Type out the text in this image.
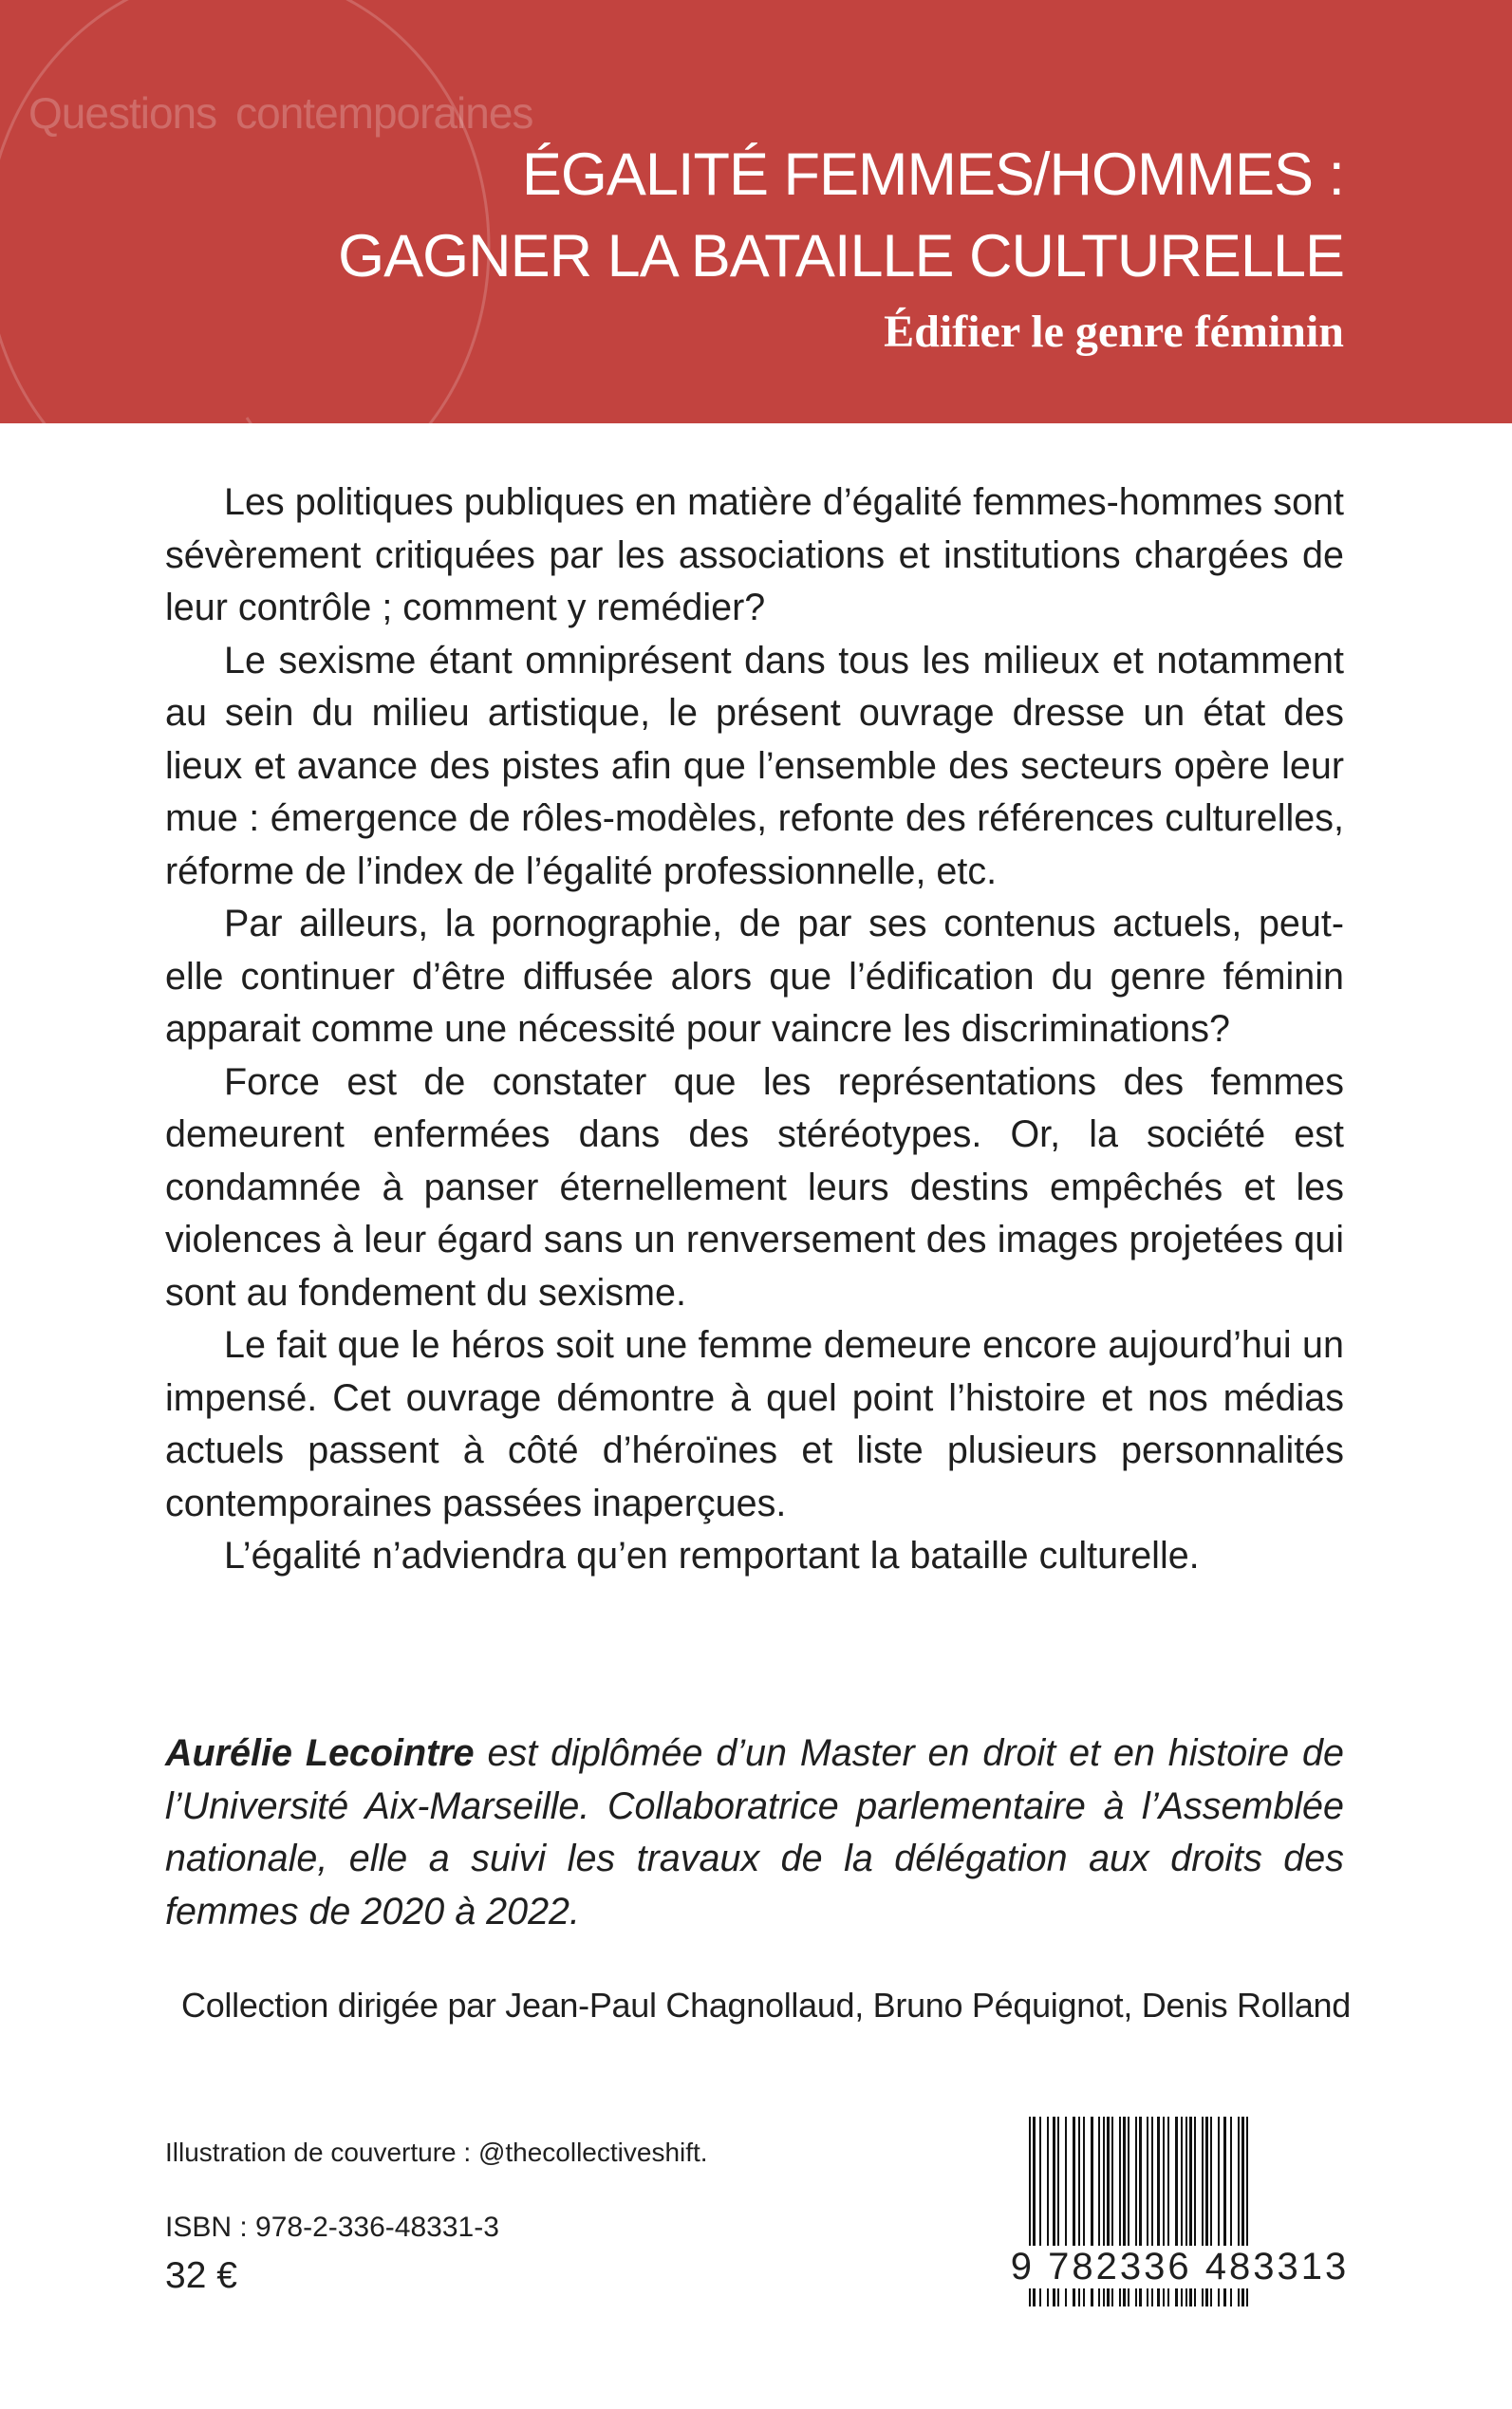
Questions contemporaines
ÉGALITÉ FEMMES/HOMMES :
GAGNER LA BATAILLE CULTURELLE
Édifier le genre féminin

Les politiques publiques en matière d’égalité femmes-hommes sont sévèrement critiquées par les associations et institutions chargées de leur contrôle ; comment y remédier?

Le sexisme étant omniprésent dans tous les milieux et notamment au sein du milieu artistique, le présent ouvrage dresse un état des lieux et avance des pistes afin que l’ensemble des secteurs opère leur mue : émergence de rôles-modèles, refonte des références culturelles, réforme de l’index de l’égalité professionnelle, etc.

Par ailleurs, la pornographie, de par ses contenus actuels, peut-elle continuer d’être diffusée alors que l’édification du genre féminin apparait comme une nécessité pour vaincre les discriminations?

Force est de constater que les représentations des femmes demeurent enfermées dans des stéréotypes. Or, la société est condamnée à panser éternellement leurs destins empêchés et les violences à leur égard sans un renversement des images projetées qui sont au fondement du sexisme.

Le fait que le héros soit une femme demeure encore aujourd’hui un impensé. Cet ouvrage démontre à quel point l’histoire et nos médias actuels passent à côté d’héroïnes et liste plusieurs personnalités contemporaines passées inaperçues.

L’égalité n’adviendra qu’en remportant la bataille culturelle.

Aurélie Lecointre est diplômée d’un Master en droit et en histoire de l’Université Aix-Marseille. Collaboratrice parlementaire à l’Assemblée nationale, elle a suivi les travaux de la délégation aux droits des femmes de 2020 à 2022.
Collection dirigée par Jean-Paul Chagnollaud, Bruno Péquignot, Denis Rolland
Illustration de couverture : @thecollectiveshift.
ISBN : 978-2-336-48331-3
32 €	9 782336 483313
